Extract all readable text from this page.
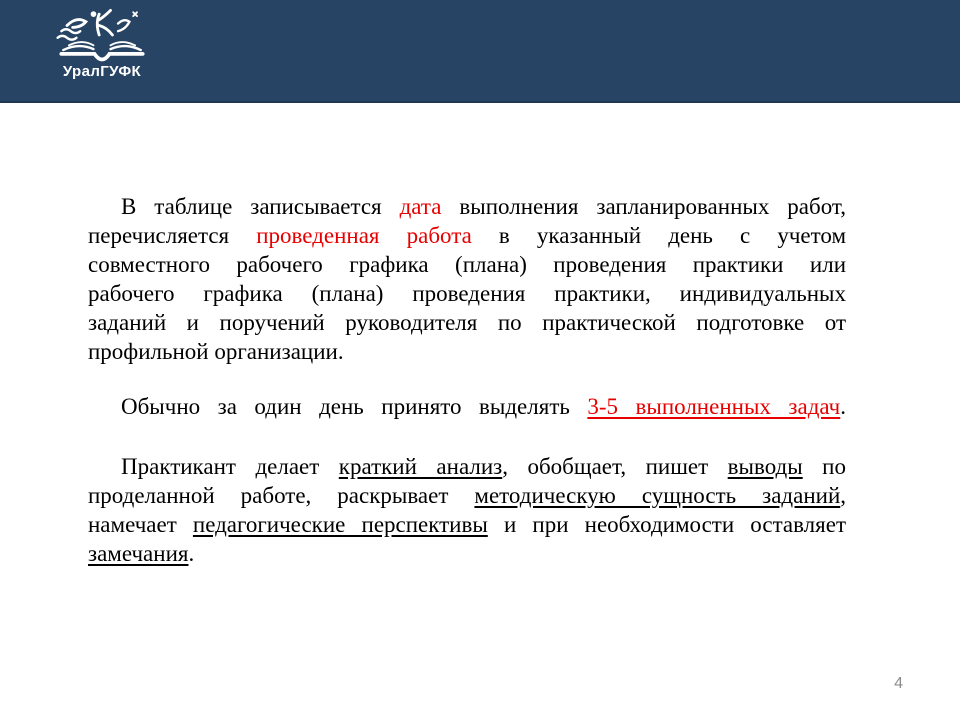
УралГУФК
В таблице записывается дата выполнения запланированных работ,
перечисляется проведенная работа в указанный день с учетом
совместного рабочего графика (плана) проведения практики или
рабочего графика (плана) проведения практики, индивидуальных
заданий и поручений руководителя по практической подготовке от
профильной организации.
Обычно за один день принято выделять 3-5 выполненных задач.
Практикант делает краткий анализ, обобщает, пишет выводы по
проделанной работе, раскрывает методическую сущность заданий,
намечает педагогические перспективы и при необходимости оставляет
замечания.
4
